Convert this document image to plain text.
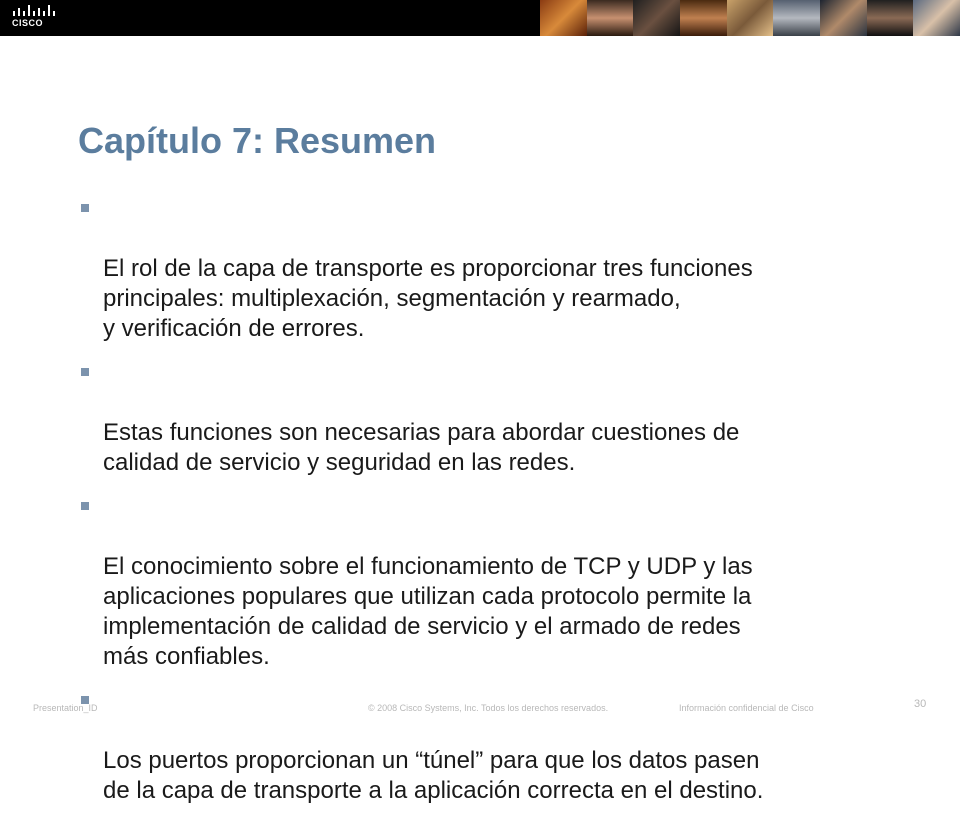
CISCO
Capítulo 7: Resumen

El rol de la capa de transporte es proporcionar tres funciones
principales: multiplexación, segmentación y rearmado,
y verificación de errores.

Estas funciones son necesarias para abordar cuestiones de
calidad de servicio y seguridad en las redes.

El conocimiento sobre el funcionamiento de TCP y UDP y las
aplicaciones populares que utilizan cada protocolo permite la
implementación de calidad de servicio y el armado de redes
más confiables.

Los puertos proporcionan un “túnel” para que los datos pasen
de la capa de transporte a la aplicación correcta en el destino.

Presentation_ID	© 2008 Cisco Systems, Inc. Todos los derechos reservados.	Información confidencial de Cisco	30
